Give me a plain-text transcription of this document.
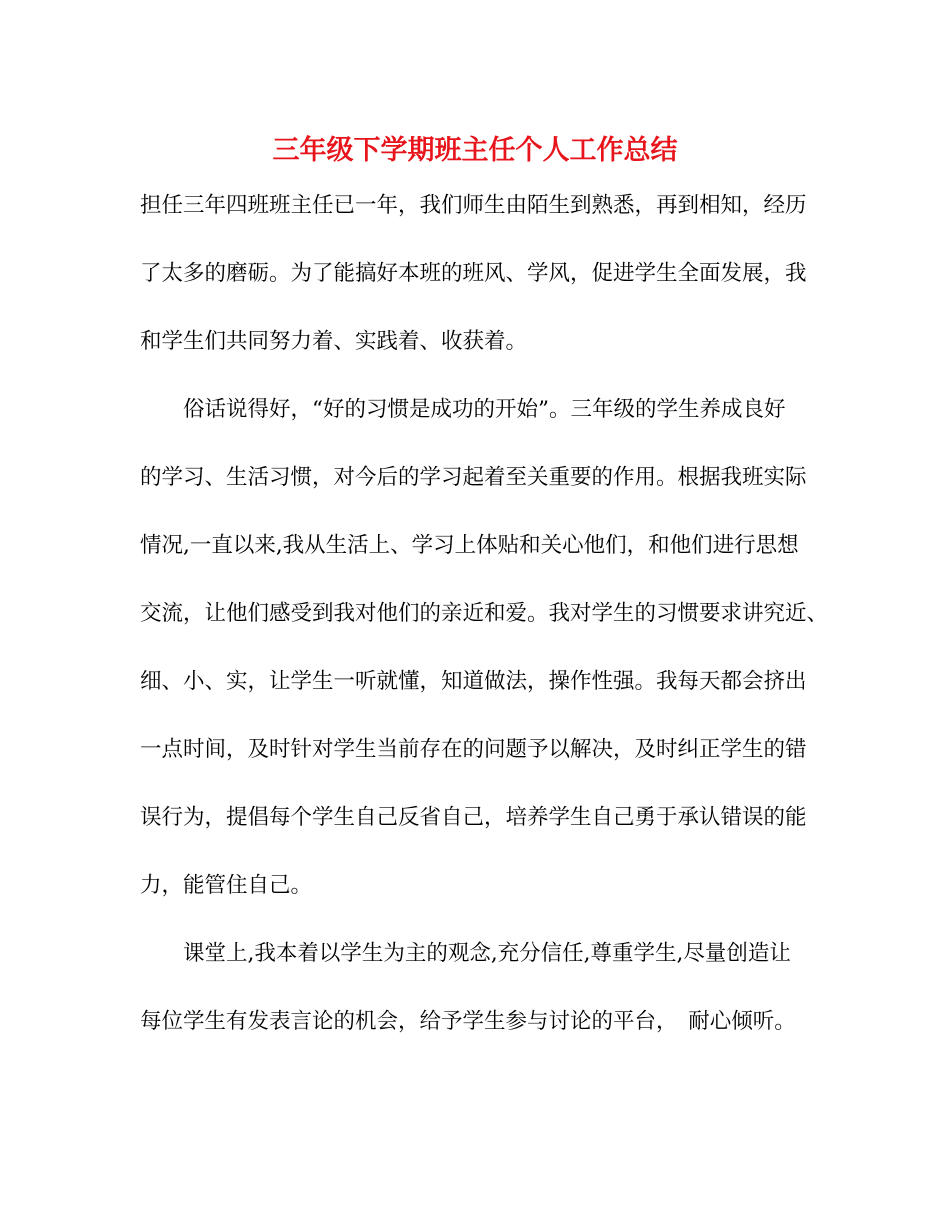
三年级下学期班主任个人工作总结
担任三年四班班主任已一年，我们师生由陌生到熟悉，再到相知，经历
了太多的磨砺。为了能搞好本班的班风、学风，促进学生全面发展，我
和学生们共同努力着、实践着、收获着。
　　俗话说得好，“好的习惯是成功的开始”。三年级的学生养成良好
的学习、生活习惯，对今后的学习起着至关重要的作用。根据我班实际
情况,一直以来,我从生活上、学习上体贴和关心他们，和他们进行思想
交流，让他们感受到我对他们的亲近和爱。我对学生的习惯要求讲究近、
细、小、实，让学生一听就懂，知道做法，操作性强。我每天都会挤出
一点时间，及时针对学生当前存在的问题予以解决，及时纠正学生的错
误行为，提倡每个学生自己反省自己，培养学生自己勇于承认错误的能
力，能管住自己。
　　课堂上,我本着以学生为主的观念,充分信任,尊重学生,尽量创造让
每位学生有发表言论的机会，给予学生参与讨论的平台，　耐心倾听。
